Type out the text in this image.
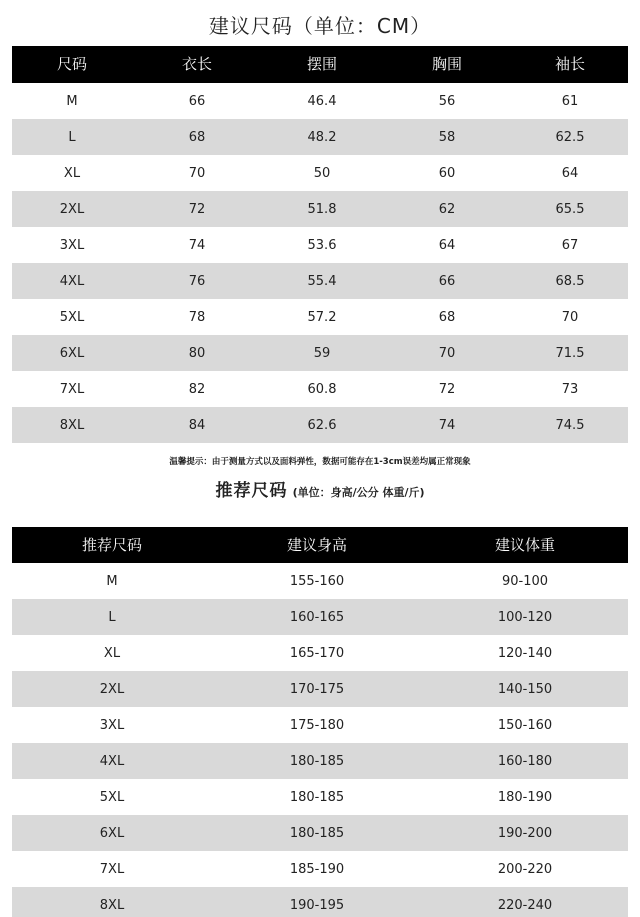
建议尺码（单位：CM）
尺码	衣长	摆围	胸围	袖长
M	66	46.4	56	61
L	68	48.2	58	62.5
XL	70	50	60	64
2XL	72	51.8	62	65.5
3XL	74	53.6	64	67
4XL	76	55.4	66	68.5
5XL	78	57.2	68	70
6XL	80	59	70	71.5
7XL	82	60.8	72	73
8XL	84	62.6	74	74.5
温馨提示：由于测量方式以及面料弹性，数据可能存在1-3cm误差均属正常现象
推荐尺码 (单位：身高/公分 体重/斤)
推荐尺码	建议身高	建议体重
M	155-160	90-100
L	160-165	100-120
XL	165-170	120-140
2XL	170-175	140-150
3XL	175-180	150-160
4XL	180-185	160-180
5XL	180-185	180-190
6XL	180-185	190-200
7XL	185-190	200-220
8XL	190-195	220-240
